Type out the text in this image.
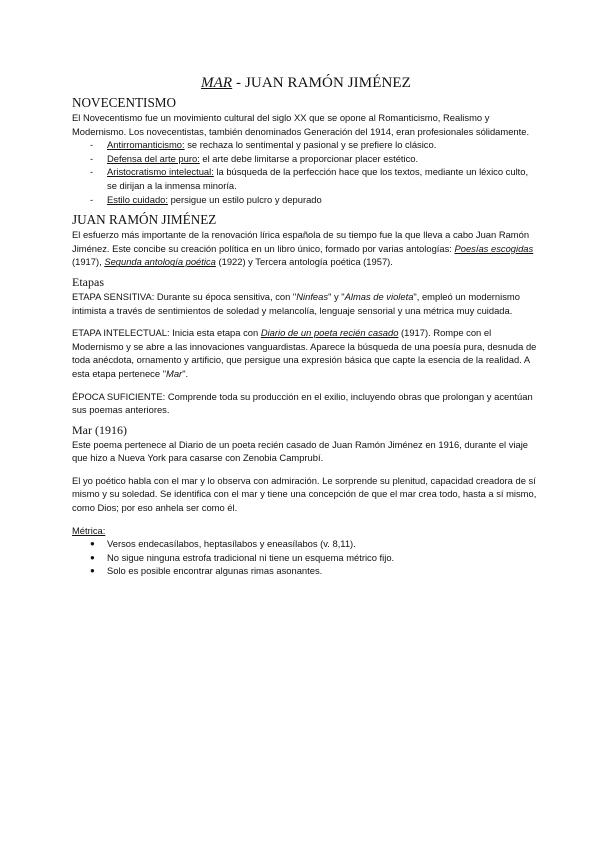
MAR - JUAN RAMÓN JIMÉNEZ
NOVECENTISMO

El Novecentismo fue un movimiento cultural del siglo XX que se opone al Romanticismo, Realismo y Modernismo. Los novecentistas, también denominados Generación del 1914, eran profesionales sólidamente.

- Antirromanticismo: se rechaza lo sentimental y pasional y se prefiere lo clásico.
- Defensa del arte puro: el arte debe limitarse a proporcionar placer estético.
- Aristocratismo intelectual: la búsqueda de la perfección hace que los textos, mediante un léxico culto, se dirijan a la inmensa minoría.
- Estilo cuidado: persigue un estilo pulcro y depurado
JUAN RAMÓN JIMÉNEZ

El esfuerzo más importante de la renovación lírica española de su tiempo fue la que lleva a cabo Juan Ramón Jiménez. Este concibe su creación política en un libro único, formado por varias antologías: Poesías escogidas (1917), Segunda antología poética (1922) y Tercera antología poética (1957).

Etapas

ETAPA SENSITIVA: Durante su época sensitiva, con "Ninfeas" y "Almas de violeta", empleó un modernismo intimista a través de sentimientos de soledad y melancolía, lenguaje sensorial y una métrica muy cuidada.

ETAPA INTELECTUAL: Inicia esta etapa con Diario de un poeta recién casado (1917). Rompe con el Modernismo y se abre a las innovaciones vanguardistas. Aparece la búsqueda de una poesía pura, desnuda de toda anécdota, ornamento y artificio, que persigue una expresión básica que capte la esencia de la realidad. A esta etapa pertenece "Mar".

ÉPOCA SUFICIENTE: Comprende toda su producción en el exilio, incluyendo obras que prolongan y acentúan sus poemas anteriores.

Mar (1916)

Este poema pertenece al Diario de un poeta recién casado de Juan Ramón Jiménez en 1916, durante el viaje que hizo a Nueva York para casarse con Zenobia Camprubí.

El yo poético habla con el mar y lo observa con admiración. Le sorprende su plenitud, capacidad creadora de sí mismo y su soledad. Se identifica con el mar y tiene una concepción de que el mar crea todo, hasta a sí mismo, como Dios; por eso anhela ser como él.

Métrica:

● Versos endecasílabos, heptasílabos y eneasílabos (v. 8,11).
● No sigue ninguna estrofa tradicional ni tiene un esquema métrico fijo.
● Solo es posible encontrar algunas rimas asonantes.
